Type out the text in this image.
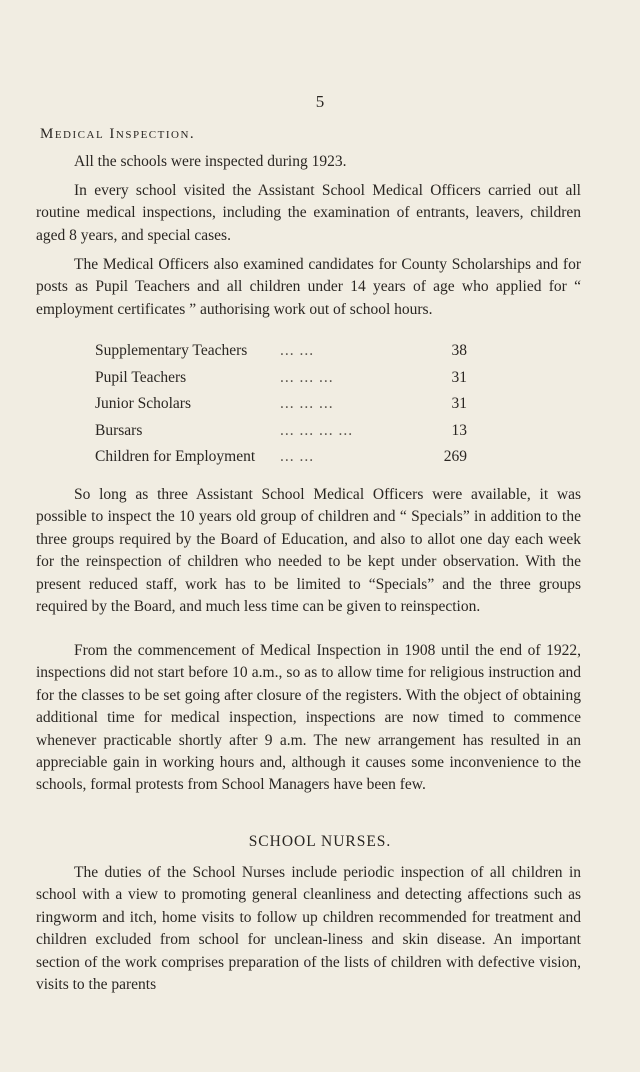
5
Medical Inspection.

All the schools were inspected during 1923.

In every school visited the Assistant School Medical Officers carried out all routine medical inspections, including the examination of entrants, leavers, children aged 8 years, and special cases.

The Medical Officers also examined candidates for County Scholarships and for posts as Pupil Teachers and all children under 14 years of age who applied for “ employment certificates ” authorising work out of school hours.

Supplementary Teachers ... ...	38
Pupil Teachers	... ... ...	31
Junior Scholars	... ... ...	31
Bursars	... ... ... ...	13
Children for Employment ... ...	269

So long as three Assistant School Medical Officers were available, it was possible to inspect the 10 years old group of children and “ Specials” in addition to the three groups required by the Board of Education, and also to allot one day each week for the reinspection of children who needed to be kept under observation. With the present reduced staff, work has to be limited to “Specials” and the three groups required by the Board, and much less time can be given to reinspection.

From the commencement of Medical Inspection in 1908 until the end of 1922, inspections did not start before 10 a.m., so as to allow time for religious instruction and for the classes to be set going after closure of the registers. With the object of obtaining additional time for medical inspection, inspections are now timed to commence whenever practicable shortly after 9 a.m. The new arrangement has resulted in an appreciable gain in working hours and, although it causes some inconvenience to the schools, formal protests from School Managers have been few.

SCHOOL NURSES.

The duties of the School Nurses include periodic inspection of all children in school with a view to promoting general cleanliness and detecting affections such as ringworm and itch, home visits to follow up children recommended for treatment and children excluded from school for unclean-liness and skin disease. An important section of the work comprises preparation of the lists of children with defective vision, visits to the parents
